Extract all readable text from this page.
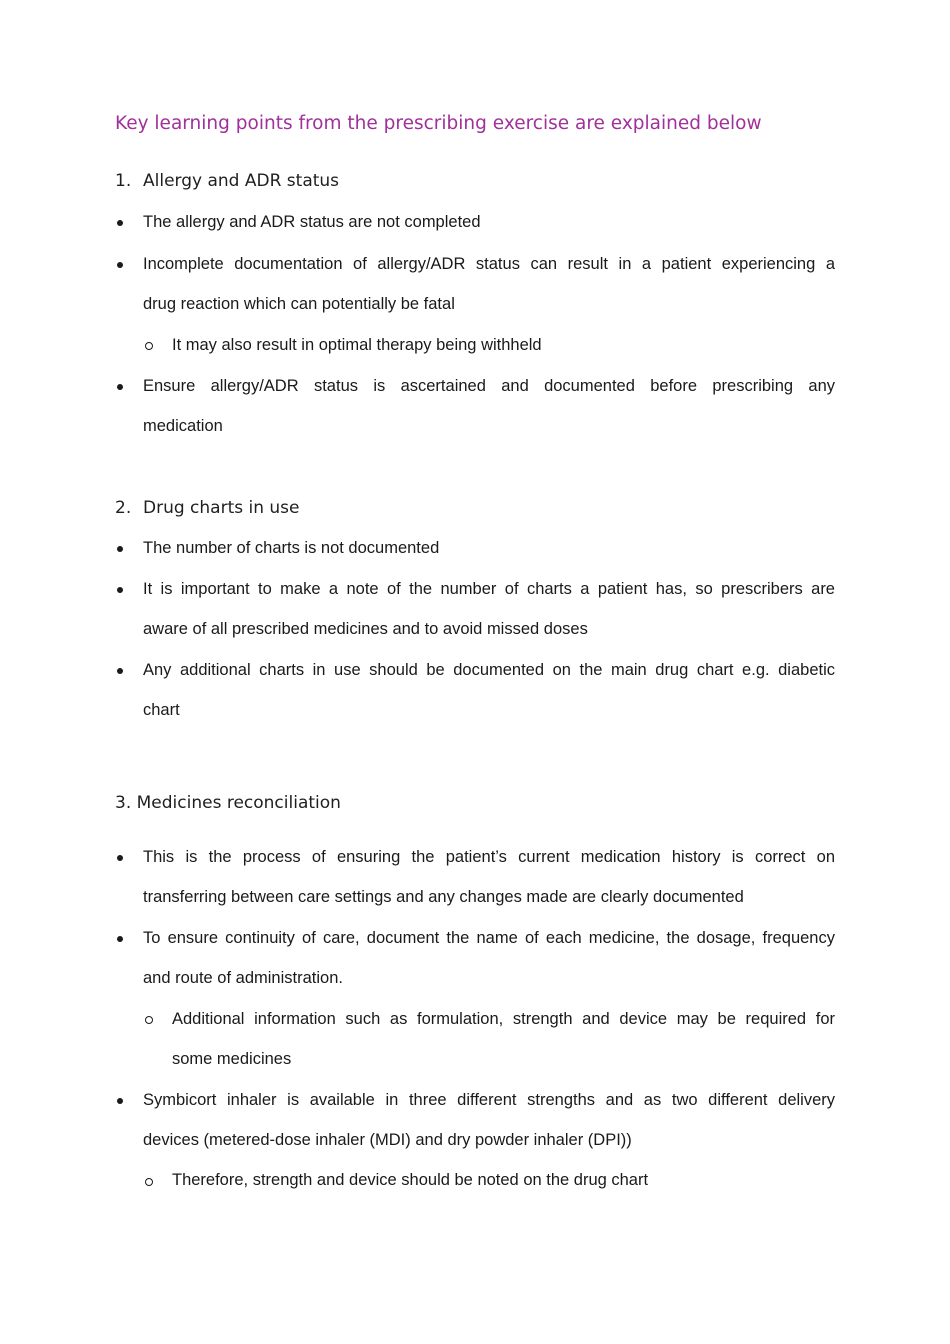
Key learning points from the prescribing exercise are explained below
1. Allergy and ADR status
The allergy and ADR status are not completed
Incomplete documentation of allergy/ADR status can result in a patient experiencing a
drug reaction which can potentially be fatal
It may also result in optimal therapy being withheld
Ensure allergy/ADR status is ascertained and documented before prescribing any
medication
2. Drug charts in use
The number of charts is not documented
It is important to make a note of the number of charts a patient has, so prescribers are
aware of all prescribed medicines and to avoid missed doses
Any additional charts in use should be documented on the main drug chart e.g. diabetic
chart
3. Medicines reconciliation
This is the process of ensuring the patient’s current medication history is correct on
transferring between care settings and any changes made are clearly documented
To ensure continuity of care, document the name of each medicine, the dosage, frequency
and route of administration.
Additional information such as formulation, strength and device may be required for
some medicines
Symbicort inhaler is available in three different strengths and as two different delivery
devices (metered-dose inhaler (MDI) and dry powder inhaler (DPI))
Therefore, strength and device should be noted on the drug chart
